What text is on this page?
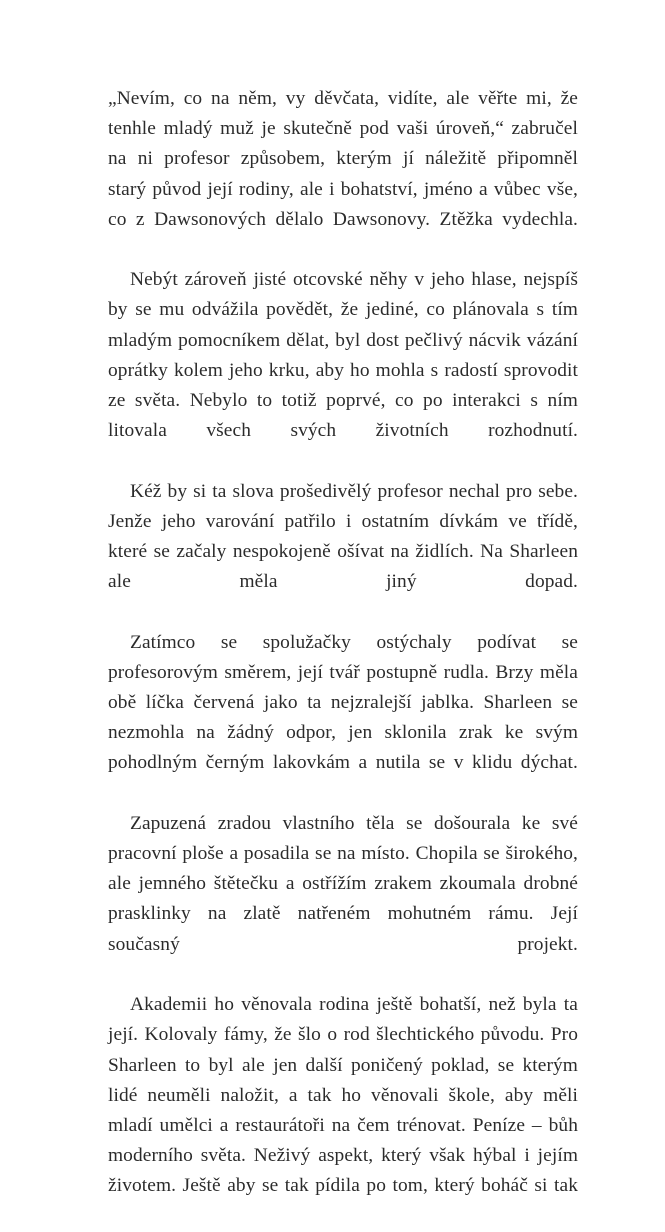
„Nevím, co na něm, vy děvčata, vidíte, ale věřte mi, že tenhle mladý muž je skutečně pod vaši úroveň,“ zabručel na ni profesor způsobem, kterým jí náležitě připomněl starý původ její rodiny, ale i bohatství, jméno a vůbec vše, co z Dawsonových dělalo Dawsonovy. Ztěžka vydechla.

Nebýt zároveň jisté otcovské něhy v jeho hlase, nejspíš by se mu odvážila povědět, že jediné, co plánovala s tím mladým pomocníkem dělat, byl dost pečlivý nácvik vázání oprátky kolem jeho krku, aby ho mohla s radostí sprovodit ze světa. Nebylo to totiž poprvé, co po interakci s ním litovala všech svých životních rozhodnutí.

Kéž by si ta slova prošedivělý profesor nechal pro sebe. Jenže jeho varování patřilo i ostatním dívkám ve třídě, které se začaly nespokojeně ošívat na židlích. Na Sharleen ale měla jiný dopad.

Zatímco se spolužačky ostýchaly podívat se profesorovým směrem, její tvář postupně rudla. Brzy měla obě líčka červená jako ta nejzralejší jablka. Sharleen se nezmohla na žádný odpor, jen sklonila zrak ke svým pohodlným černým lakovkám a nutila se v klidu dýchat.

Zapuzená zradou vlastního těla se došourala ke své pracovní ploše a posadila se na místo. Chopila se širokého, ale jemného štětečku a ostřížím zrakem zkoumala drobné prasklinky na zlatě natřeném mohutném rámu. Její současný projekt.

Akademii ho věnovala rodina ještě bohatší, než byla ta její. Kolovaly fámy, že šlo o rod šlechtického původu. Pro Sharleen to byl ale jen další poničený poklad, se kterým lidé neuměli naložit, a tak ho věnovali škole, aby měli mladí umělci a restaurátoři na čem trénovat. Peníze – bůh moderního světa. Neživý aspekt, který však hýbal i jejím životem. Ještě aby se tak pídila po tom, který boháč si tak
